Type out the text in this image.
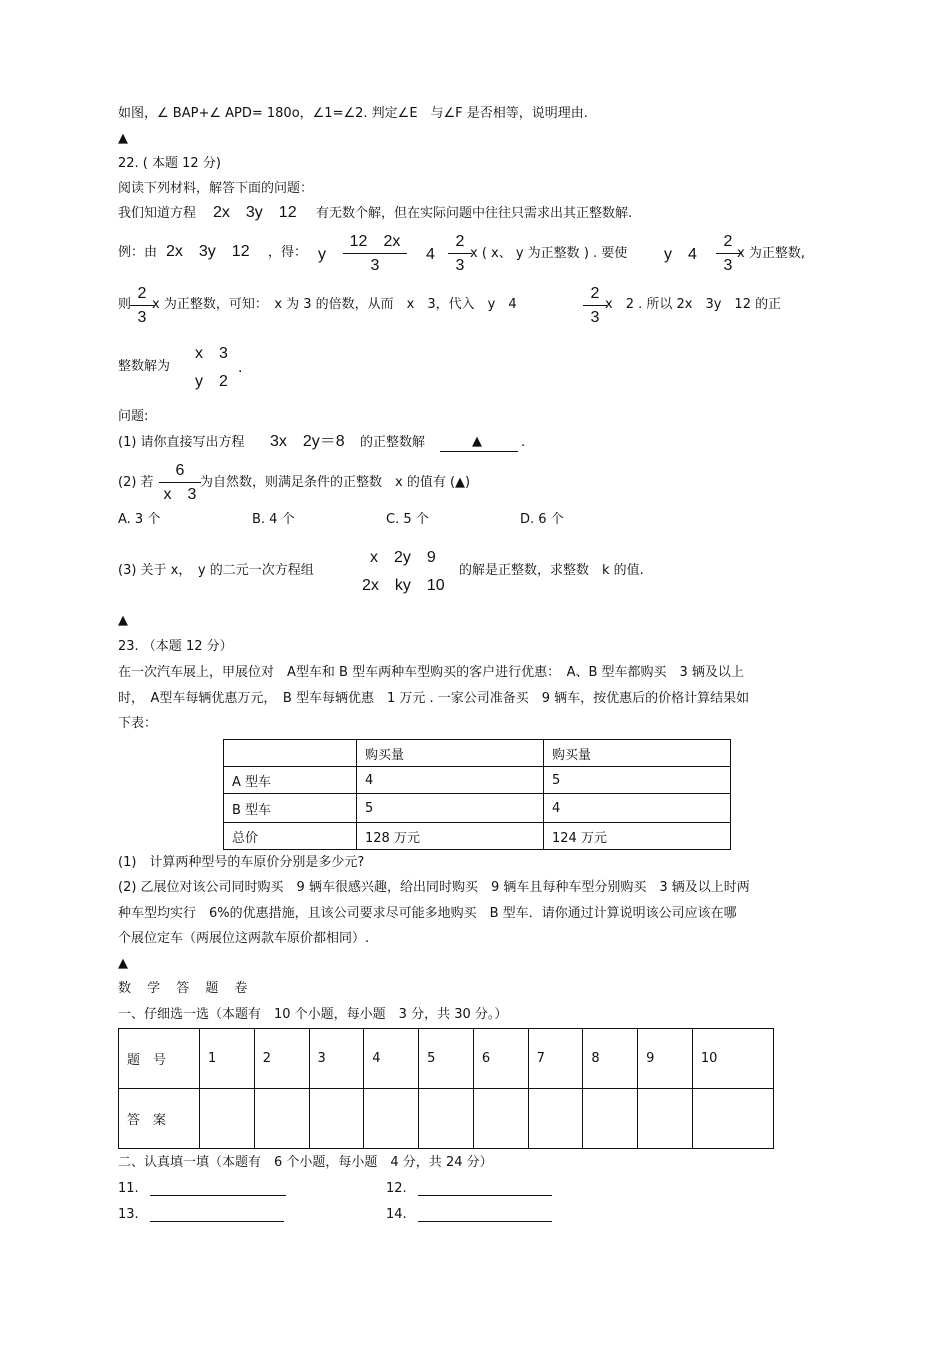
如图，∠ BAP+∠ APD= 180o，∠1=∠2. 判定∠E　与∠F 是否相等，说明理由.
▲
22. ( 本题 12 分)
阅读下列材料，解答下面的问题：
我们知道方程 2x　3y　12 有无数个解，但在实际问题中往往只需求出其正整数解.
例：由 2x　3y　12 ，得： y
12　2x
3
4
2
3
x ( x、 y 为正整数 ) . 要使 y　4
2
3
x 为正整数,
则
2
3
x 为正整数，可知：　x 为 3 的倍数，从而　x　3，代入　y　4
2
3
x　2 . 所以 2x　3y　12 的正
整数解为
x　3
y　2
.
问题:
(1) 请你直接写出方程 3x　2y＝8 的正整数解	▲	.
(2) 若
6
x　3
为自然数，则满足条件的正整数　x 的值有 (▲)
A. 3 个	B. 4 个	C. 5 个	D. 6 个
(3) 关于 x，　y 的二元一次方程组
x　2y　9
2x　ky　10
的解是正整数，求整数　k 的值.
▲
23. （本题 12 分）
在一次汽车展上，甲展位对　A型车和 B 型车两种车型购买的客户进行优惠：　A、B 型车都购买　3 辆及以上
时，　A型车每辆优惠万元，　B 型车每辆优惠　1 万元 . 一家公司准备买　9 辆车，按优惠后的价格计算结果如
下表：
	购买量	购买量
A 型车	4	5
B 型车	5	4
总价	128 万元	124 万元
(1)　计算两种型号的车原价分别是多少元?
(2) 乙展位对该公司同时购买　9 辆车很感兴趣，给出同时购买　9 辆车且每种车型分别购买　3 辆及以上时两
种车型均实行　6%的优惠措施，且该公司要求尽可能多地购买　B 型车．请你通过计算说明该公司应该在哪
个展位定车（两展位这两款车原价都相同）.
▲
数 学 答 题 卷
一、仔细选一选（本题有　10 个小题，每小题　3 分，共 30 分。）
题　号	1	2	3	4	5	6	7	8	9	10
答　案										
二、认真填一填（本题有　6 个小题，每小题　4 分，共 24 分）
11.	12.
13.	14.
